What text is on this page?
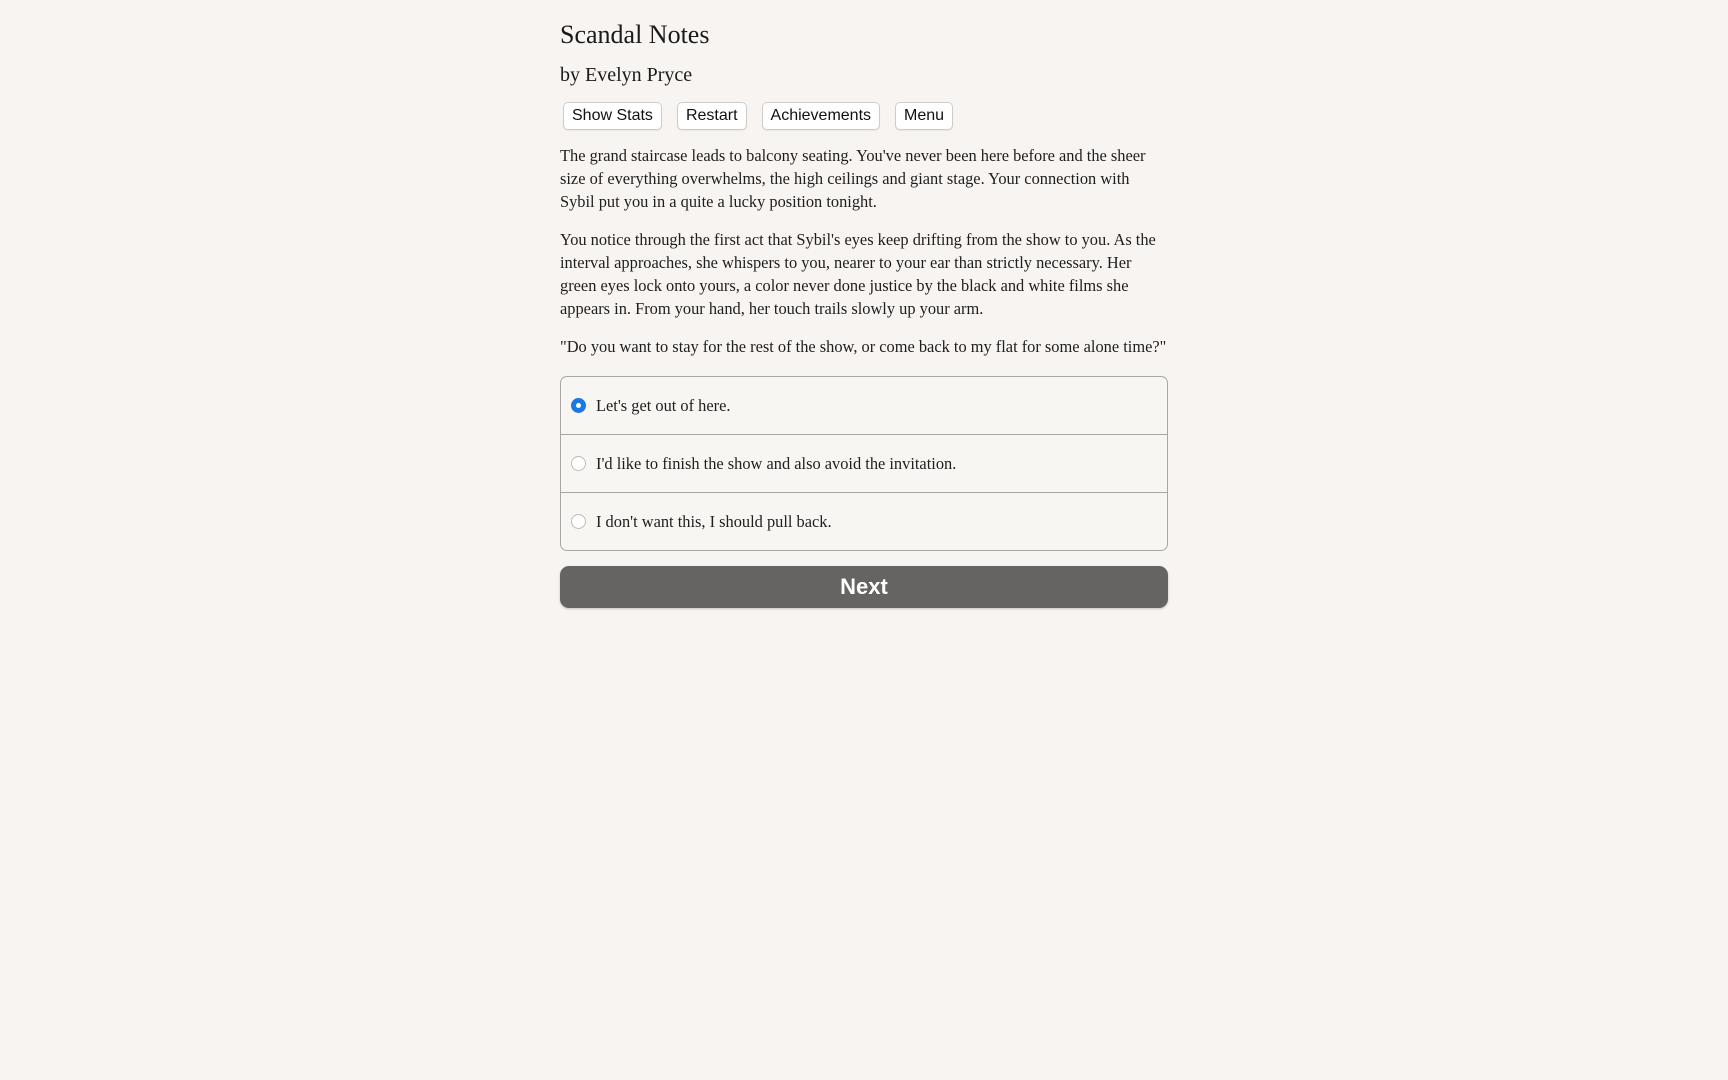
Scandal Notes
by Evelyn Pryce
Show Stats	Restart	Achievements	Menu

The grand staircase leads to balcony seating. You've never been here before and the sheer size of everything overwhelms, the high ceilings and giant stage. Your connection with Sybil put you in a quite a lucky position tonight.

You notice through the first act that Sybil's eyes keep drifting from the show to you. As the interval approaches, she whispers to you, nearer to your ear than strictly necessary. Her green eyes lock onto yours, a color never done justice by the black and white films she appears in. From your hand, her touch trails slowly up your arm.

"Do you want to stay for the rest of the show, or come back to my flat for some alone time?"

Let's get out of here.
I'd like to finish the show and also avoid the invitation.
I don't want this, I should pull back.
Next
